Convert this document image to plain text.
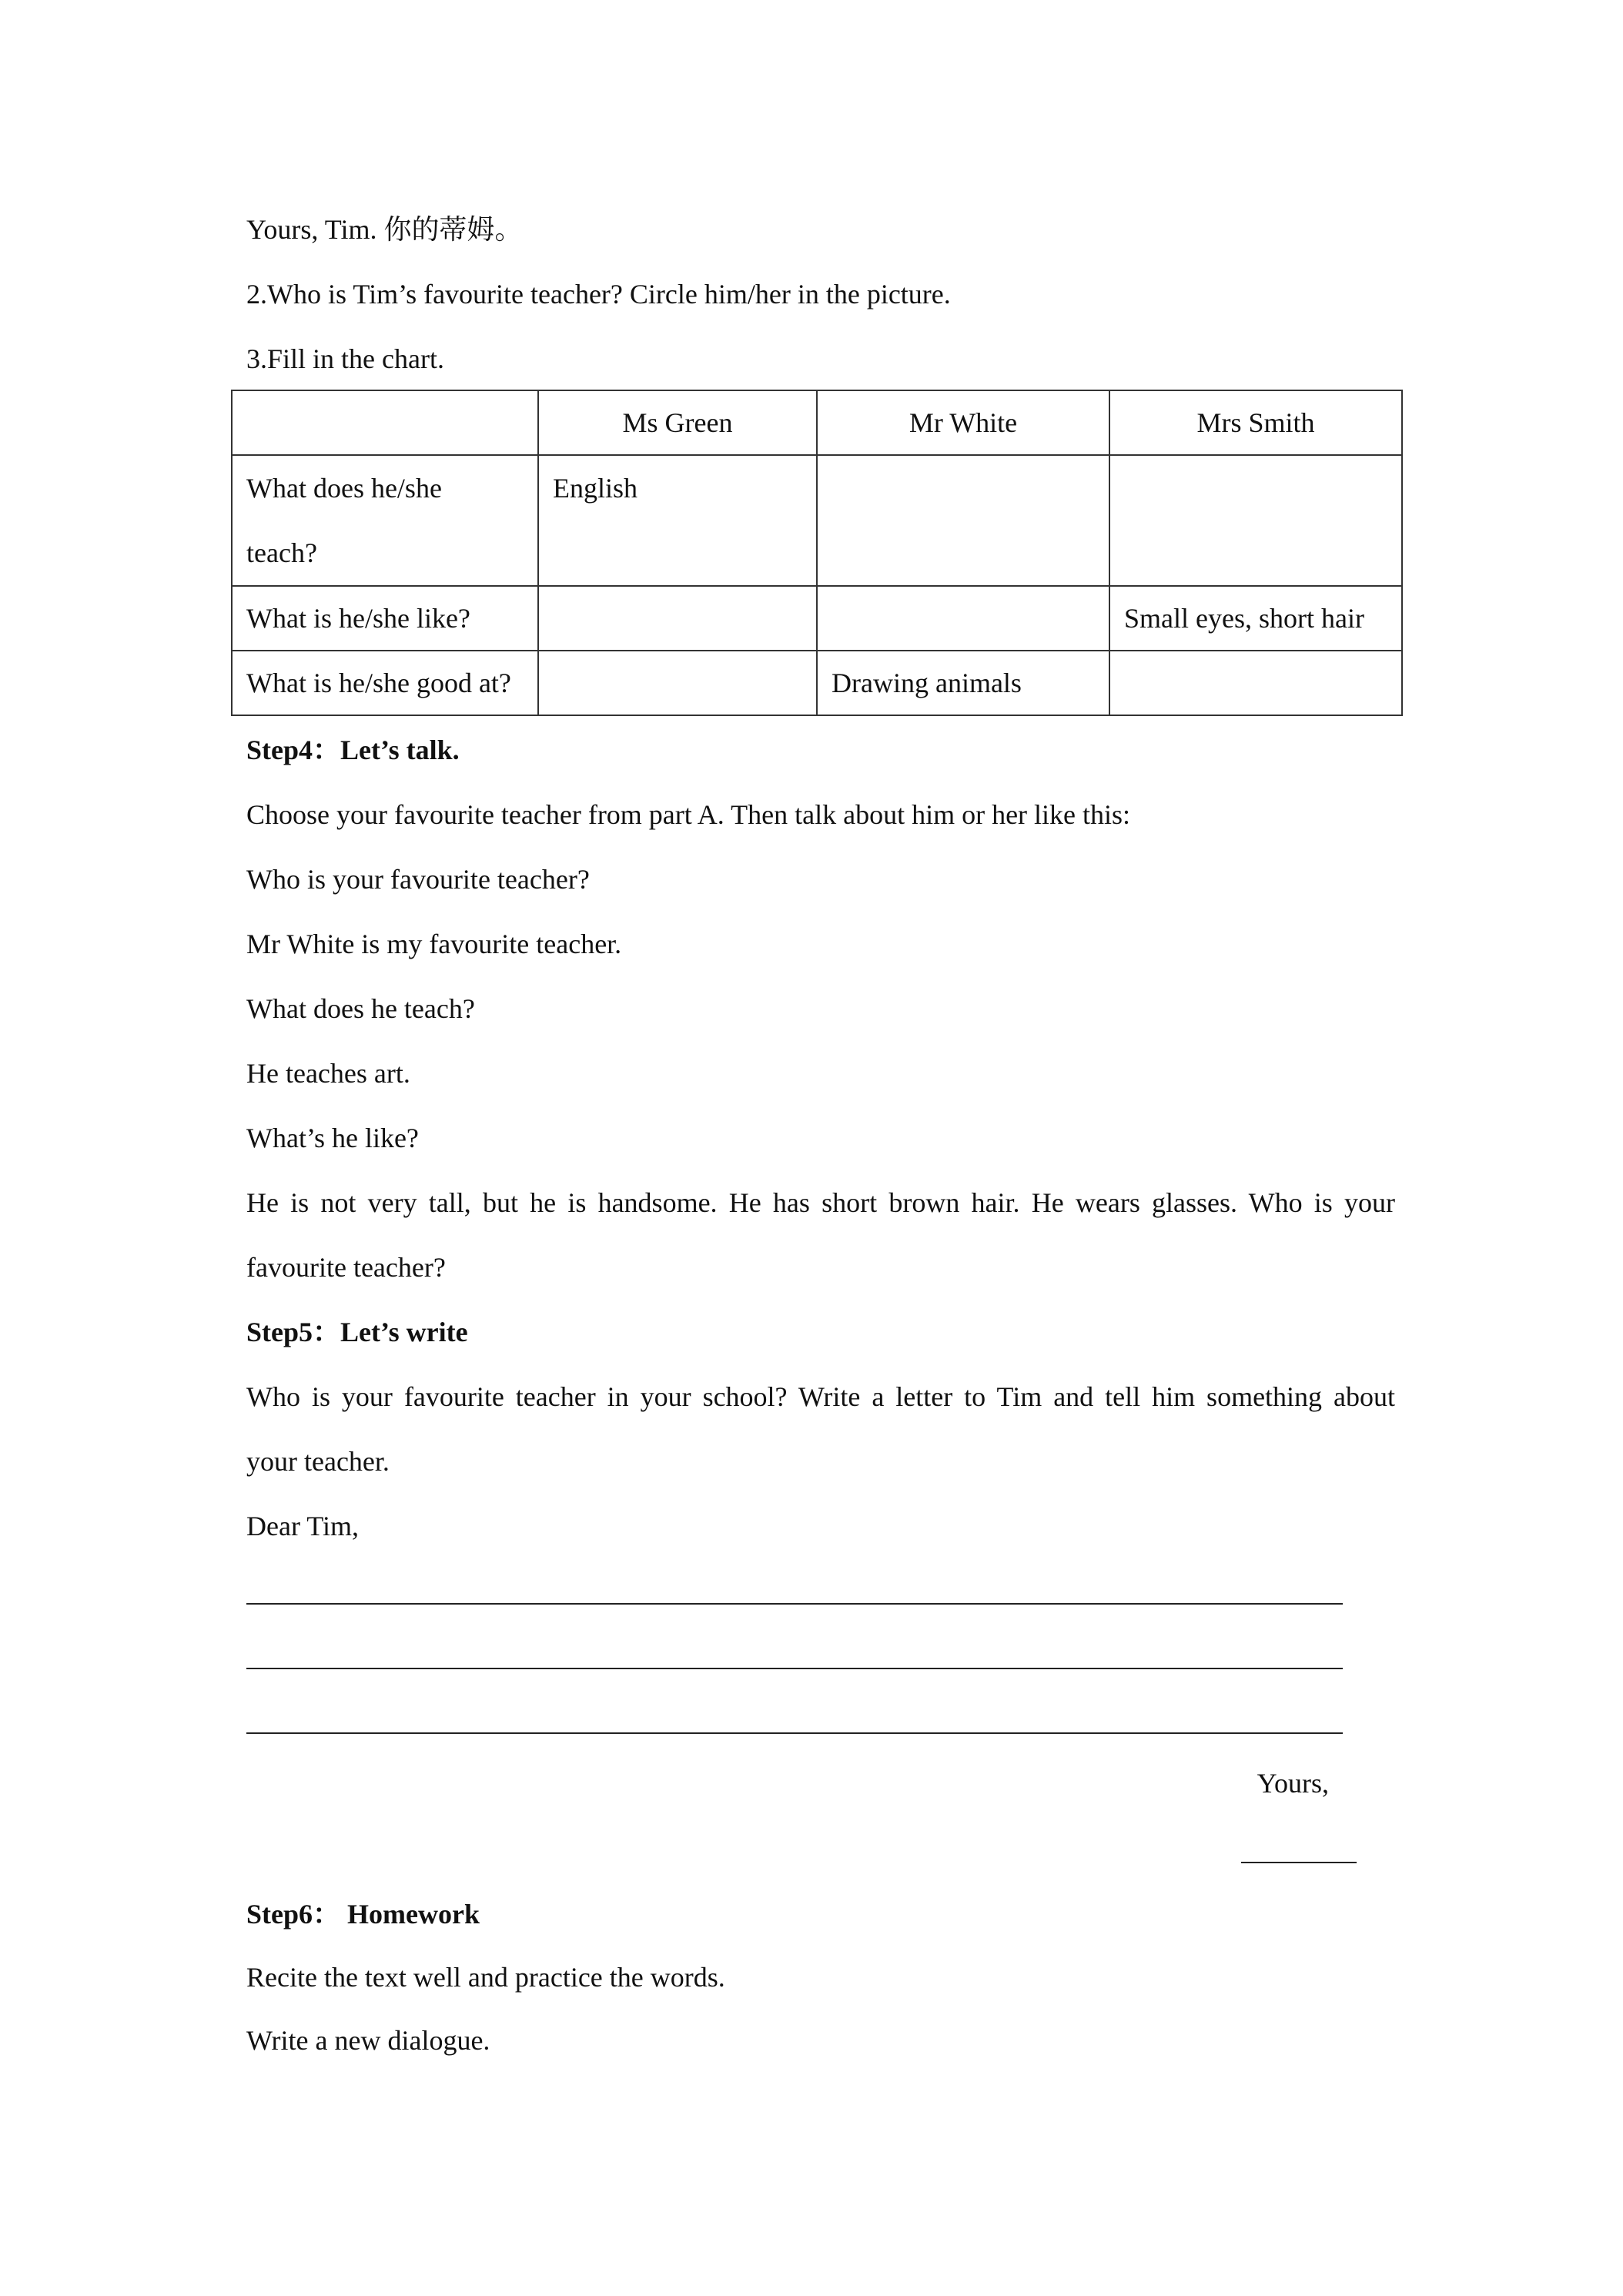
Yours, Tim. 你的蒂姆。
2.Who is Tim’s favourite teacher? Circle him/her in the picture.
3.Fill in the chart.
	Ms Green	Mr White	Mrs Smith

What does he/she
teach?	English		
What is he/she like?			Small eyes, short hair
What is he/she good at?		Drawing animals	
Step4：Let’s talk.
Choose your favourite teacher from part A. Then talk about him or her like this:
Who is your favourite teacher?
Mr White is my favourite teacher.
What does he teach?
He teaches art.
What’s he like?
He is not very tall, but he is handsome. He has short brown hair. He wears glasses. Who is your
favourite teacher?
Step5：Let’s write
Who is your favourite teacher in your school? Write a letter to Tim and tell him something about
your teacher.
Dear Tim,
Yours,
Step6： Homework
Recite the text well and practice the words.
Write a new dialogue.
